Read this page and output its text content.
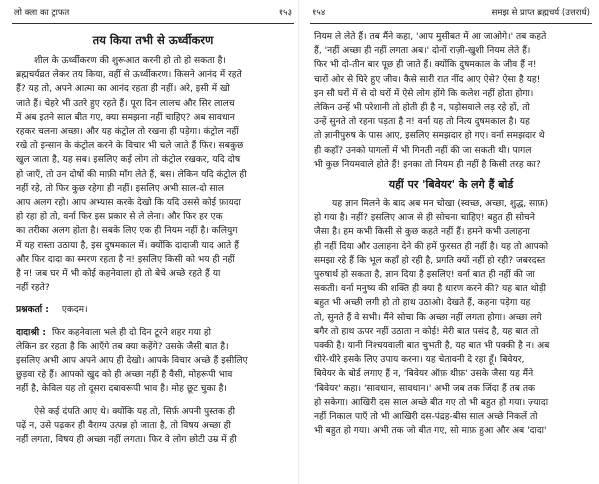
लो क्ला का ट्राफत	१५३
तय किया तभी से ऊर्ध्वीकरण
शील के ऊर्ध्वीकरण की शुरूआत करनी हो तो हो सकता है।
ब्रह्मचर्यव्रत लेकर तय किया, वहीं से ऊर्ध्वीकरण। किसने आनंद में रहते
हैं? यह तो, अपने आत्मा का आनंद रहता ही नहीं। अरे, इसी में खो
जाते हैं। चेहरे भी उतरे हुए रहते हैं। पूरा दिन लालच और सिर लालच
में अब इतने साल बीत गए, क्या समझना नहीं चाहिए? अब सावधान
रहकर चलना अच्छा। और यह कंट्रोल तो रखना ही पड़ेगा। कंट्रोल नहीं
रखे तो इन्सान के कंट्रोल करने के विचार भी चले जाते हैं फिर। सबकुछ
खुल जाता है, यह सब। इसलिए कई लोग तो कंट्रोल रखकर, यदि दोष
हो जाएँ, तो उन दोषों की माफ़ी माँग लेते हैं, बस। लेकिन यदि कंट्रोल ही
नहीं रहे, तो फिर कुछ रहेगा ही नहीं। इसलिए अभी साल-दो साल
आप अलग रहो। आप अभ्यास करके देखो कि यदि उससे कोई फ़ायदा
हो रहा हो तो, वर्ना फिर इस प्रकार से ले लेना। और फिर हर एक
का तरीका अलग होता है। सबके लिए एक ही नियम नहीं है। कलियुग
में यह रास्ता उठाया है, इस दुषमकाल में। क्योंकि दादाजी याद आते हैं
और फिर दादा का स्मरण रहता है न! इसलिए किसी को भय ही नहीं
है न! जब घर में भी कोई कहनेवाला हो तो बेचे अच्छे रहते हैं या
नहीं रहते?
प्रश्नकर्ता : एकदम।
दादाश्री : फिर कहनेवाला भले ही दो दिन टूरने शहर गया हो
लेकिन डर रहता है कि आएँगे तब क्या कहेंगे? उसके जैसी बात है।
इसलिए अभी आप अपने आप ही देखो। आपके विचार अच्छे हैं इसीलिए
छुड़वा रहे हैं। आपको खुद को ही अच्छा नहीं है वैसी, मोहरूपी भाव
नहीं है, केविल यह तो दूसरा दबावरूपी भाव है। मोह छूट चुका है।
ऐसे कई दंपति आए थे। क्योंकि यह तो, सिर्फ़ अपनी पुस्तक ही
पढ़ें न, उसे पढ़कर ही वैराग्य उत्पन्न हो जाता है, तो विषय अच्छा ही
नहीं लगता, विषय ही अच्छा नहीं लगता। फिर वे लोग छोटी उम्र में ही
१५४	समझ से प्राप्त ब्रह्मचर्य (उत्तरार्ध)
नियम ले लेते हैं। तब मैंने कहा, 'आप मुसीबत में आ जाओगे।' तब कहते
हैं, 'नहीं अच्छा ही नहीं लगता अब।' दोनों राज़ी-खुशी नियम लेते हैं।
फिर भी दो-तीन बार पूछ ही जाते हैं। क्योंकि दुषमकाल के जीव हैं न!
चारों ओर से घिरे हुए जीव। कैसे सारी रात नींद आए ऐसे? ऐसा है यह!
इन सौ घरों में से दो घरों में ऐसे लोग होंगे कि कलेश नहीं होता होगा।
लेकिन उन्हें भी परेशानी तो होती ही है न, पड़ोसवाले लड़ रहे हों, तो
उन्हें सुनते तो रहना पड़ता है न! वर्ना यह तो नित्य दुषमकाल है। यह
तो ज्ञानीपुरुष के पास आए, इसलिए समझदार हो गए। वर्ना समझदार थे
ही कहाँ? उनको पागलों में भी गिनती नहीं की जा सकती थी। पागल
भी कुछ नियमवाले होते हैं! इनका तो नियम ही नहीं है किसी तरह का?
यहीं पर 'बिवेयर' के लगे हैं बोर्ड
यह ज्ञान मिलने के बाद अब मन चोखा (स्वच्छ, अच्छा, शुद्ध, साफ़)
हो गया है। नहीं? इसलिए आज से ही सोचना चाहिए! बहुत ही सोचने
जैसा है। हम कभी किसी से कुछ कहते नहीं हैं। हमने कभी उलाहना
ही नहीं दिया और उलाहना देने की हमें फुरसत ही नहीं है। यह तो आपको
समझा रहे हैं कि भूल कहाँ हो रही है, प्रगति क्यों नहीं हो रही? जबरदस्त
पुरुषार्थ हो सकता है, ज्ञान दिया है इसलिए! वर्ना बात ही नहीं की जा
सकती। वर्ना मनुष्य की शक्ति ही क्या है धारण करने की? यह बात थोड़ी
बहुत भी अच्छी लगी हो तो हाथ उठाओ। देखते हैं, कहना पड़ेगा यह
तो, सुनते हैं वे सभी। मैंने सोचा कि अच्छा नहीं लगता होगा। अच्छा लगे
बगैर तो हाथ ऊपर नहीं उठाता न कोई! मेरी बात पसंद है, यह बात तो
पक्की है। यानी निश्चयवाली बात चुभती है, यह बात भी पक्की है न। अब
धीरे-धीरे इसके लिए उपाय करना। यह चेतावनी दे रहा हूँ। बिवेयर,
बिवेयर के बोर्ड लगाए हैं न, 'बिवेयर ऑफ़ थीफ़' उसके जैसा यह मैंने
'बिवेयर' कहा। 'सावधान, सावधान।' अभी जब तक जिंदा हैं तब तक
हो सकेगा। आखिरी दस साल अच्छे बीत गए तो भी बहुत हो गया। ज़्यादा
नहीं निकाल पाएँ तो भी आखिरी दस-पंद्रह-बीस साल अच्छे निकलें तो
भी बहुत हो गया। अभी तक जो बीत गए, सो माफ़ हुआ और अब 'दादा'
